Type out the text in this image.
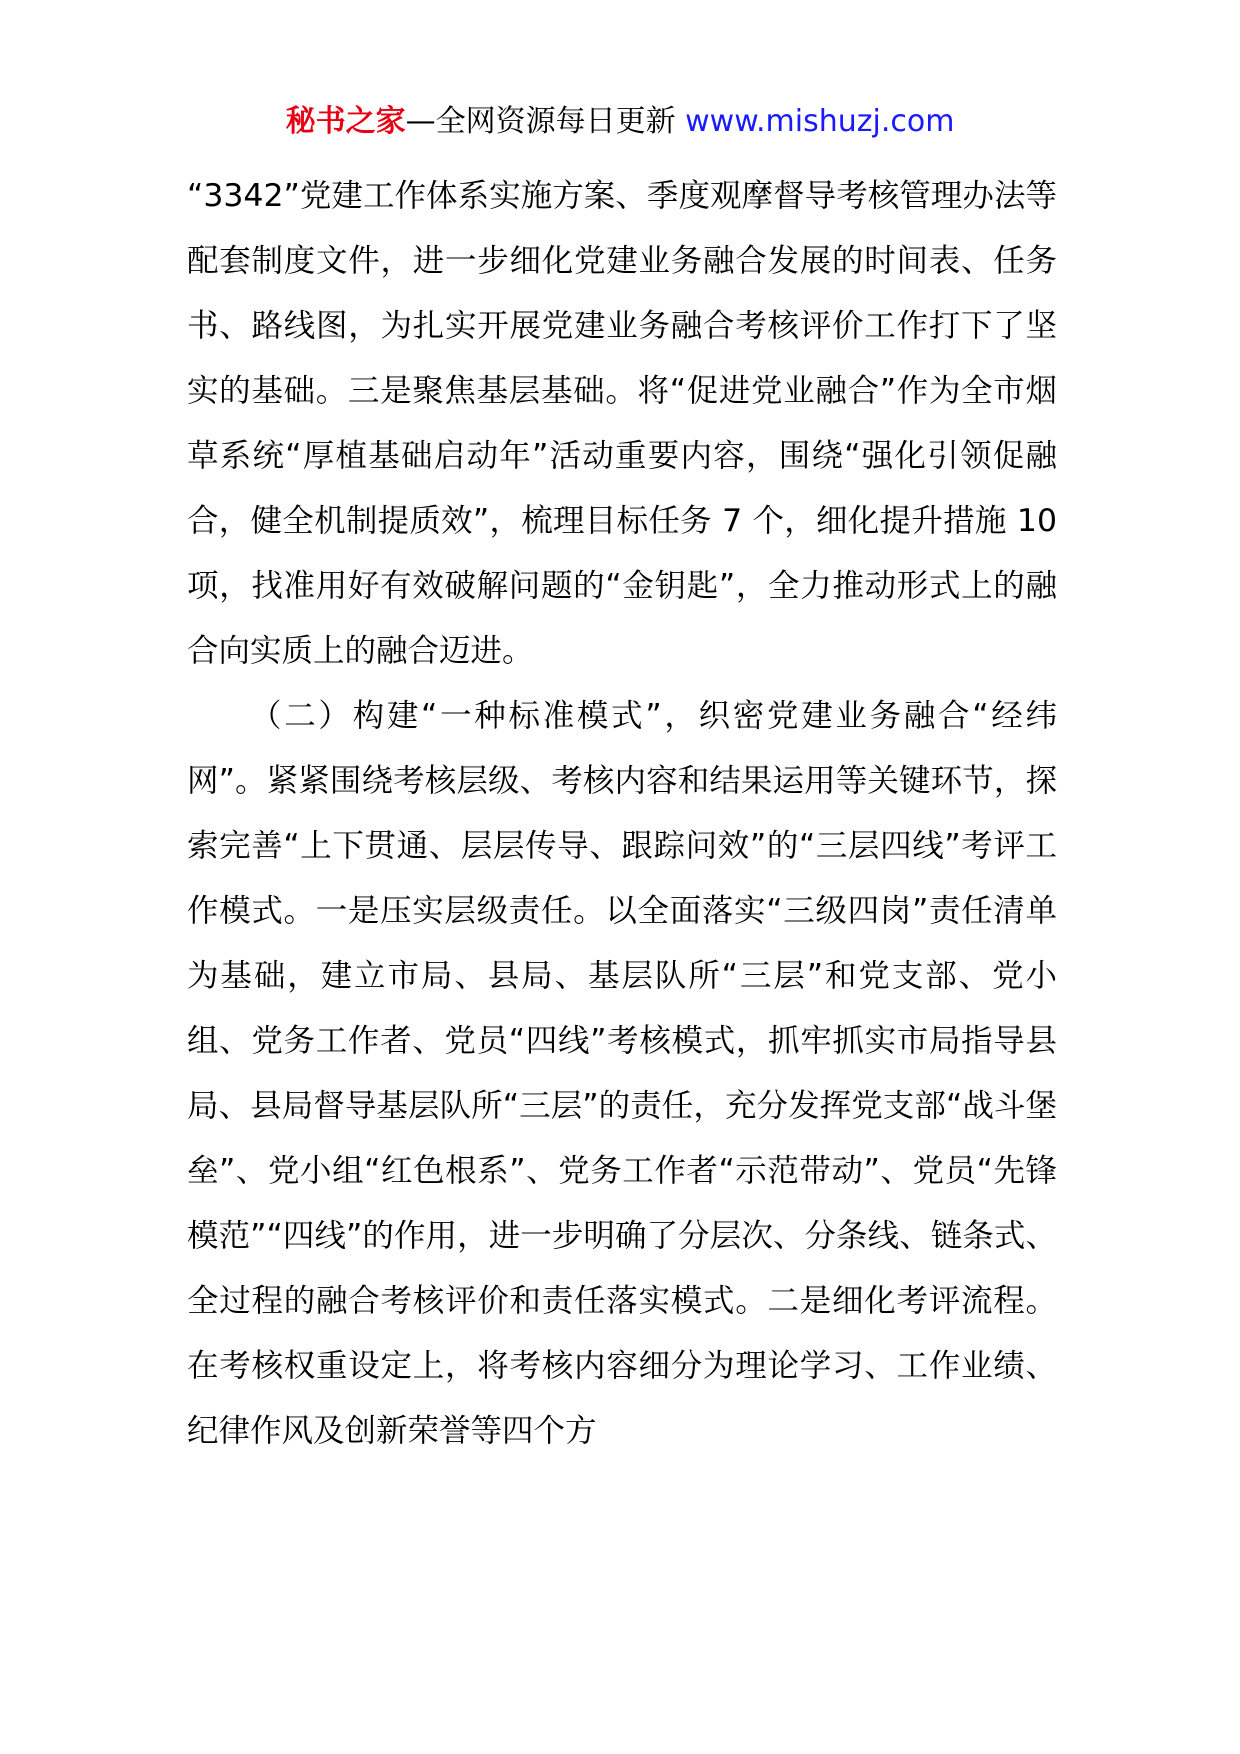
秘书之家—全网资源每日更新 www.mishuzj.com

“3342”党建工作体系实施方案、季度观摩督导考核管理办法等配套制度文件，进一步细化党建业务融合发展的时间表、任务书、路线图，为扎实开展党建业务融合考核评价工作打下了坚实的基础。三是聚焦基层基础。将“促进党业融合”作为全市烟草系统“厚植基础启动年”活动重要内容，围绕“强化引领促融合，健全机制提质效”，梳理目标任务 7 个，细化提升措施 10 项，找准用好有效破解问题的“金钥匙”，全力推动形式上的融合向实质上的融合迈进。

（二）构建“一种标准模式”，织密党建业务融合“经纬网”。紧紧围绕考核层级、考核内容和结果运用等关键环节，探索完善“上下贯通、层层传导、跟踪问效”的“三层四线”考评工作模式。一是压实层级责任。以全面落实“三级四岗”责任清单为基础，建立市局、县局、基层队所“三层”和党支部、党小组、党务工作者、党员“四线”考核模式，抓牢抓实市局指导县局、县局督导基层队所“三层”的责任，充分发挥党支部“战斗堡垒”、党小组“红色根系”、党务工作者“示范带动”、党员“先锋模范”“四线”的作用，进一步明确了分层次、分条线、链条式、全过程的融合考核评价和责任落实模式。二是细化考评流程。在考核权重设定上，将考核内容细分为理论学习、工作业绩、纪律作风及创新荣誉等四个方
